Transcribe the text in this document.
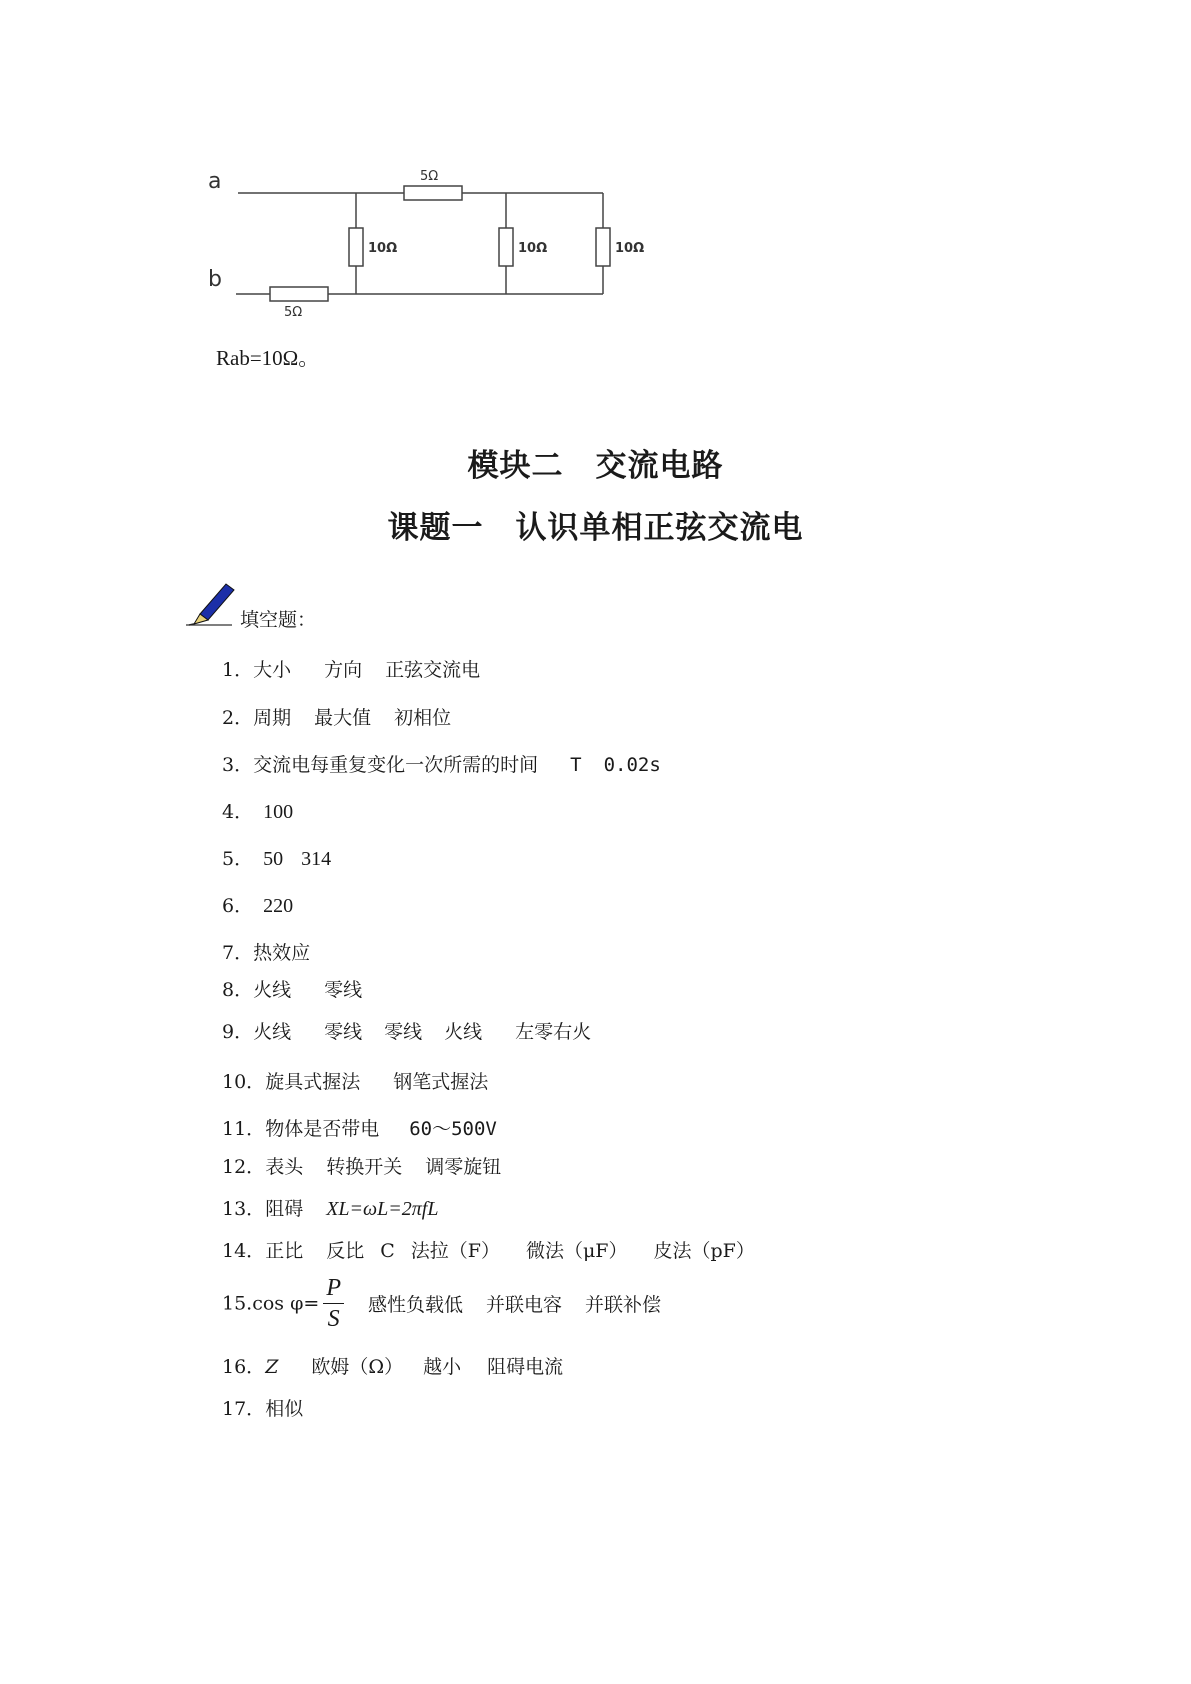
a
b
5Ω
5Ω
10Ω	10Ω	10Ω
Rab=10Ω。
模块二 交流电路
课题一 认识单相正弦交流电
填空题：
1．大小 方向 正弦交流电
2．周期 最大值 初相位
3．交流电每重复变化一次所需的时间 T 0.02s
4． 100
5． 50 314
6． 220
7．热效应
8．火线 零线
9．火线 零线 零线 火线 左零右火
10．旋具式握法 钢笔式握法
11．物体是否带电 60～500V
12．表头 转换开关 调零旋钮
13．阻碍 XL=ωL=2πfL
14．正比 反比 C 法拉（F） 微法（μF） 皮法（pF）
15.cos $\varphi= \frac{P}{S}$ 感性负载低 并联电容 并联补偿
16．Z 欧姆（Ω） 越小 阻碍电流
17．相似
